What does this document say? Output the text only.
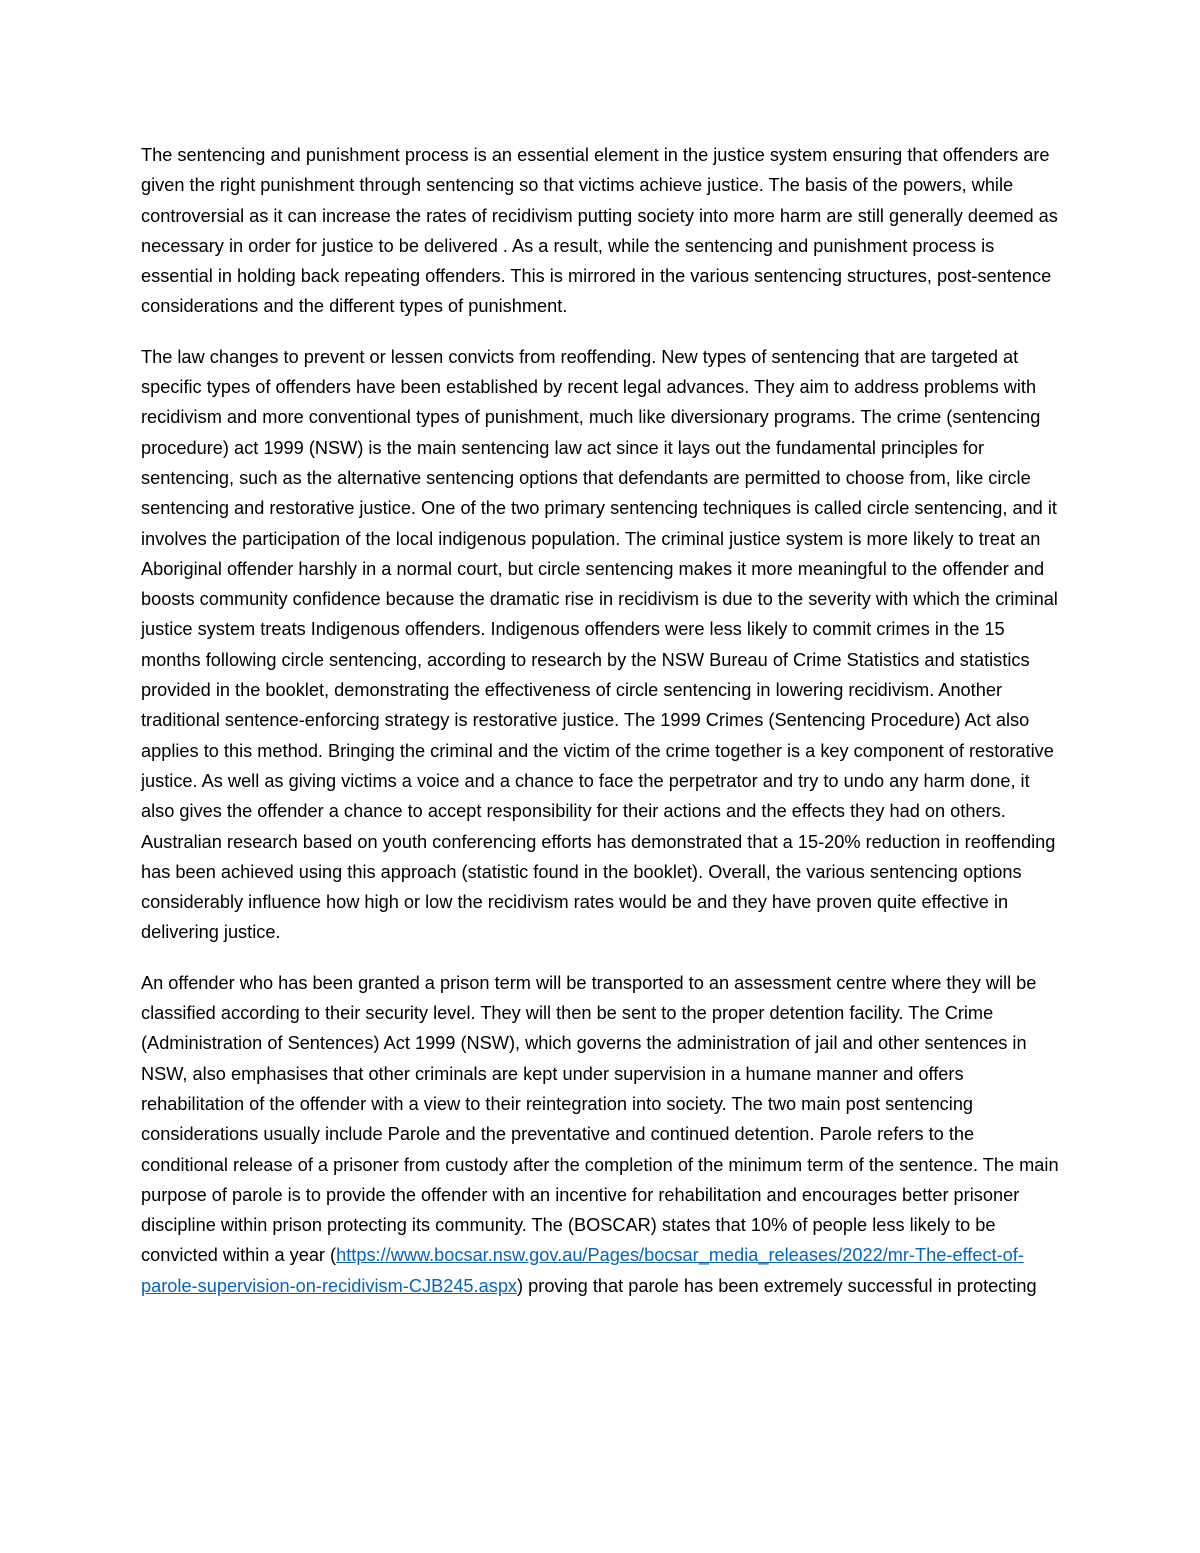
The sentencing and punishment process is an essential element in the justice system ensuring that offenders are given the right punishment through sentencing so that victims achieve justice. The basis of the powers, while controversial as it can increase the rates of recidivism putting society into more harm are still generally deemed as necessary in order for justice to be delivered . As a result, while the sentencing and punishment process is essential in holding back repeating offenders. This is mirrored in the various sentencing structures, post-sentence considerations and the different types of punishment.

The law changes to prevent or lessen convicts from reoffending. New types of sentencing that are targeted at specific types of offenders have been established by recent legal advances. They aim to address problems with recidivism and more conventional types of punishment, much like diversionary programs. The crime (sentencing procedure) act 1999 (NSW) is the main sentencing law act since it lays out the fundamental principles for sentencing, such as the alternative sentencing options that defendants are permitted to choose from, like circle sentencing and restorative justice. One of the two primary sentencing techniques is called circle sentencing, and it involves the participation of the local indigenous population. The criminal justice system is more likely to treat an Aboriginal offender harshly in a normal court, but circle sentencing makes it more meaningful to the offender and boosts community confidence because the dramatic rise in recidivism is due to the severity with which the criminal justice system treats Indigenous offenders. Indigenous offenders were less likely to commit crimes in the 15 months following circle sentencing, according to research by the NSW Bureau of Crime Statistics and statistics provided in the booklet, demonstrating the effectiveness of circle sentencing in lowering recidivism. Another traditional sentence-enforcing strategy is restorative justice. The 1999 Crimes (Sentencing Procedure) Act also applies to this method. Bringing the criminal and the victim of the crime together is a key component of restorative justice. As well as giving victims a voice and a chance to face the perpetrator and try to undo any harm done, it also gives the offender a chance to accept responsibility for their actions and the effects they had on others. Australian research based on youth conferencing efforts has demonstrated that a 15-20% reduction in reoffending has been achieved using this approach (statistic found in the booklet). Overall, the various sentencing options considerably influence how high or low the recidivism rates would be and they have proven quite effective in delivering justice.

An offender who has been granted a prison term will be transported to an assessment centre where they will be classified according to their security level. They will then be sent to the proper detention facility. The Crime (Administration of Sentences) Act 1999 (NSW), which governs the administration of jail and other sentences in NSW, also emphasises that other criminals are kept under supervision in a humane manner and offers rehabilitation of the offender with a view to their reintegration into society. The two main post sentencing considerations usually include Parole and the preventative and continued detention. Parole refers to the conditional release of a prisoner from custody after the completion of the minimum term of the sentence. The main purpose of parole is to provide the offender with an incentive for rehabilitation and encourages better prisoner discipline within prison protecting its community. The (BOSCAR) states that 10% of people less likely to be convicted within a year (https://www.bocsar.nsw.gov.au/Pages/bocsar_media_releases/2022/mr-The-effect-of-parole-supervision-on-recidivism-CJB245.aspx) proving that parole has been extremely successful in protecting
